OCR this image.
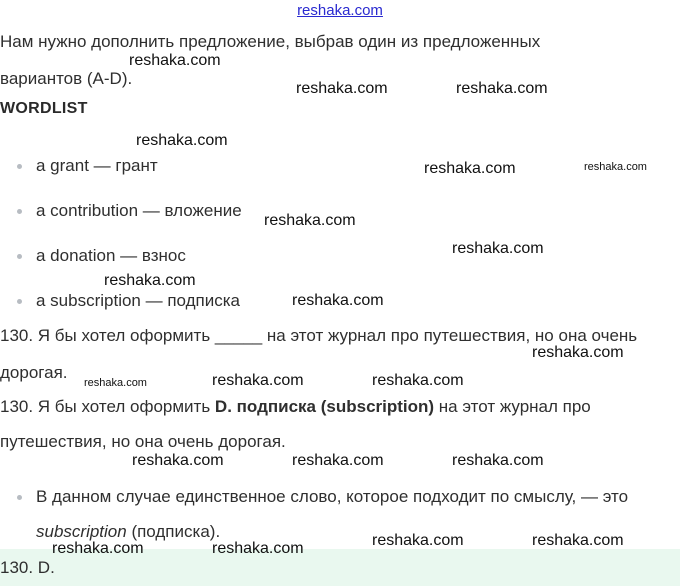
reshaka.com
Нам нужно дополнить предложение, выбрав один из предложенных
вариантов (A-D).
WORDLIST
a grant — грант
a contribution — вложение
a donation — взнос
a subscription — подписка
130. Я бы хотел оформить _____ на этот журнал про путешествия, но она очень
дорогая.
130. Я бы хотел оформить D. подписка (subscription) на этот журнал про
путешествия, но она очень дорогая.
В данном случае единственное слово, которое подходит по смыслу, — это
subscription (подписка).
130. D.
reshaka.com
reshaka.com	reshaka.com
reshaka.com
reshaka.com	reshaka.com
reshaka.com
reshaka.com
reshaka.com
reshaka.com
reshaka.com
reshaka.com	reshaka.com	reshaka.com
reshaka.com	reshaka.com	reshaka.com
reshaka.com	reshaka.com
reshaka.com	reshaka.com
